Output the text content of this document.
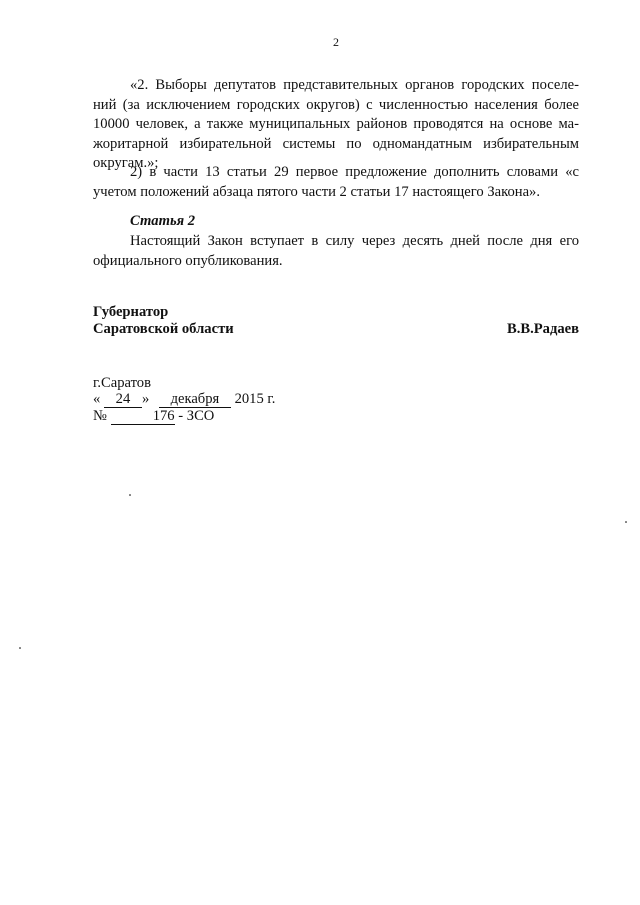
2

«2. Выборы депутатов представительных органов городских поселе-ний (за исключением городских округов) с численностью населения более 10000 человек, а также муниципальных районов проводятся на основе ма-жоритарной избирательной системы по одномандатным избирательным округам.»;

2) в части 13 статьи 29 первое предложение дополнить словами «с учетом положений абзаца пятого части 2 статьи 17 настоящего Закона».

Статья 2

Настоящий Закон вступает в силу через десять дней после дня его официального опубликования.

Губернатор
Саратовской области	В.В.Радаев
г.Саратов
« 24 » декабря 2015 г.
№	176 - ЗСО
